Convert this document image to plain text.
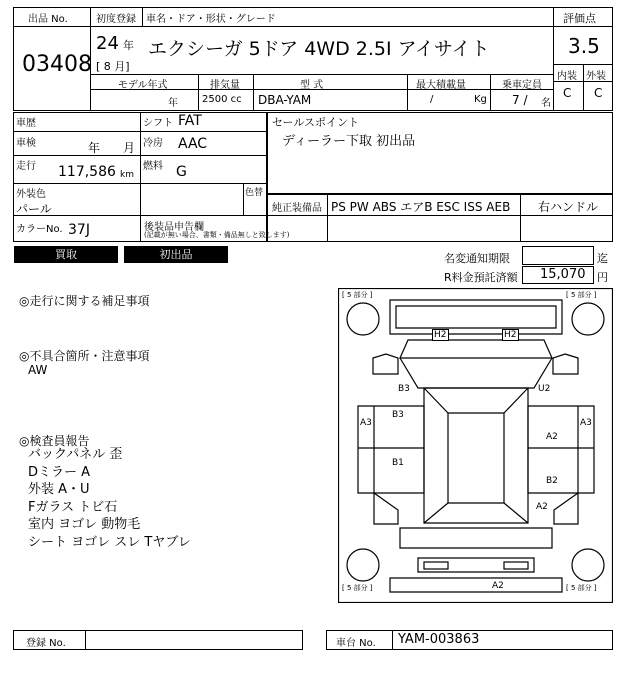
出品 No.
03408
初度登録
24 年
[ 8 月]
車名・ドア・形状・グレード
エクシーガ 5ドア 4WD 2.5I アイサイト
評価点
3.5
内装 外装
C C
モデル年式
年
排気量
2500 cc
型 式
DBA-YAM
最大積載量
/	Kg
乗車定員
7 / 名
車歴
車検	年 月
走行 117,586 km
シフト FAT
冷房 AAC
燃料 G
外装色
パール
色替
カラーNo. 37J	後装品申告欄
(記載が無い場合、書類・備品無しと致します)
セールスポイント
ディーラー下取 初出品
純正装備品 PS PW ABS エアB ESC ISS AEB 右ハンドル
買取	初出品	名変通知期限	迄
R料金預託済額 15,070 円
◎走行に関する補足事項
◎不具合箇所・注意事項
AW
◎検査員報告
バックパネル 歪
Dミラー A
外装 A・U
Fガラス トビ石
室内 ヨゴレ 動物毛
シート ヨゴレ スレ Tヤブレ
[ 5 部分 ]	[ 5 部分 ]
[ 5 部分 ]	[ 5 部分 ]
H2	H2
B3	U2
A3
B3
A3
A2
B1
B2
A2
A2
登録 No.	車台 No. YAM-003863
